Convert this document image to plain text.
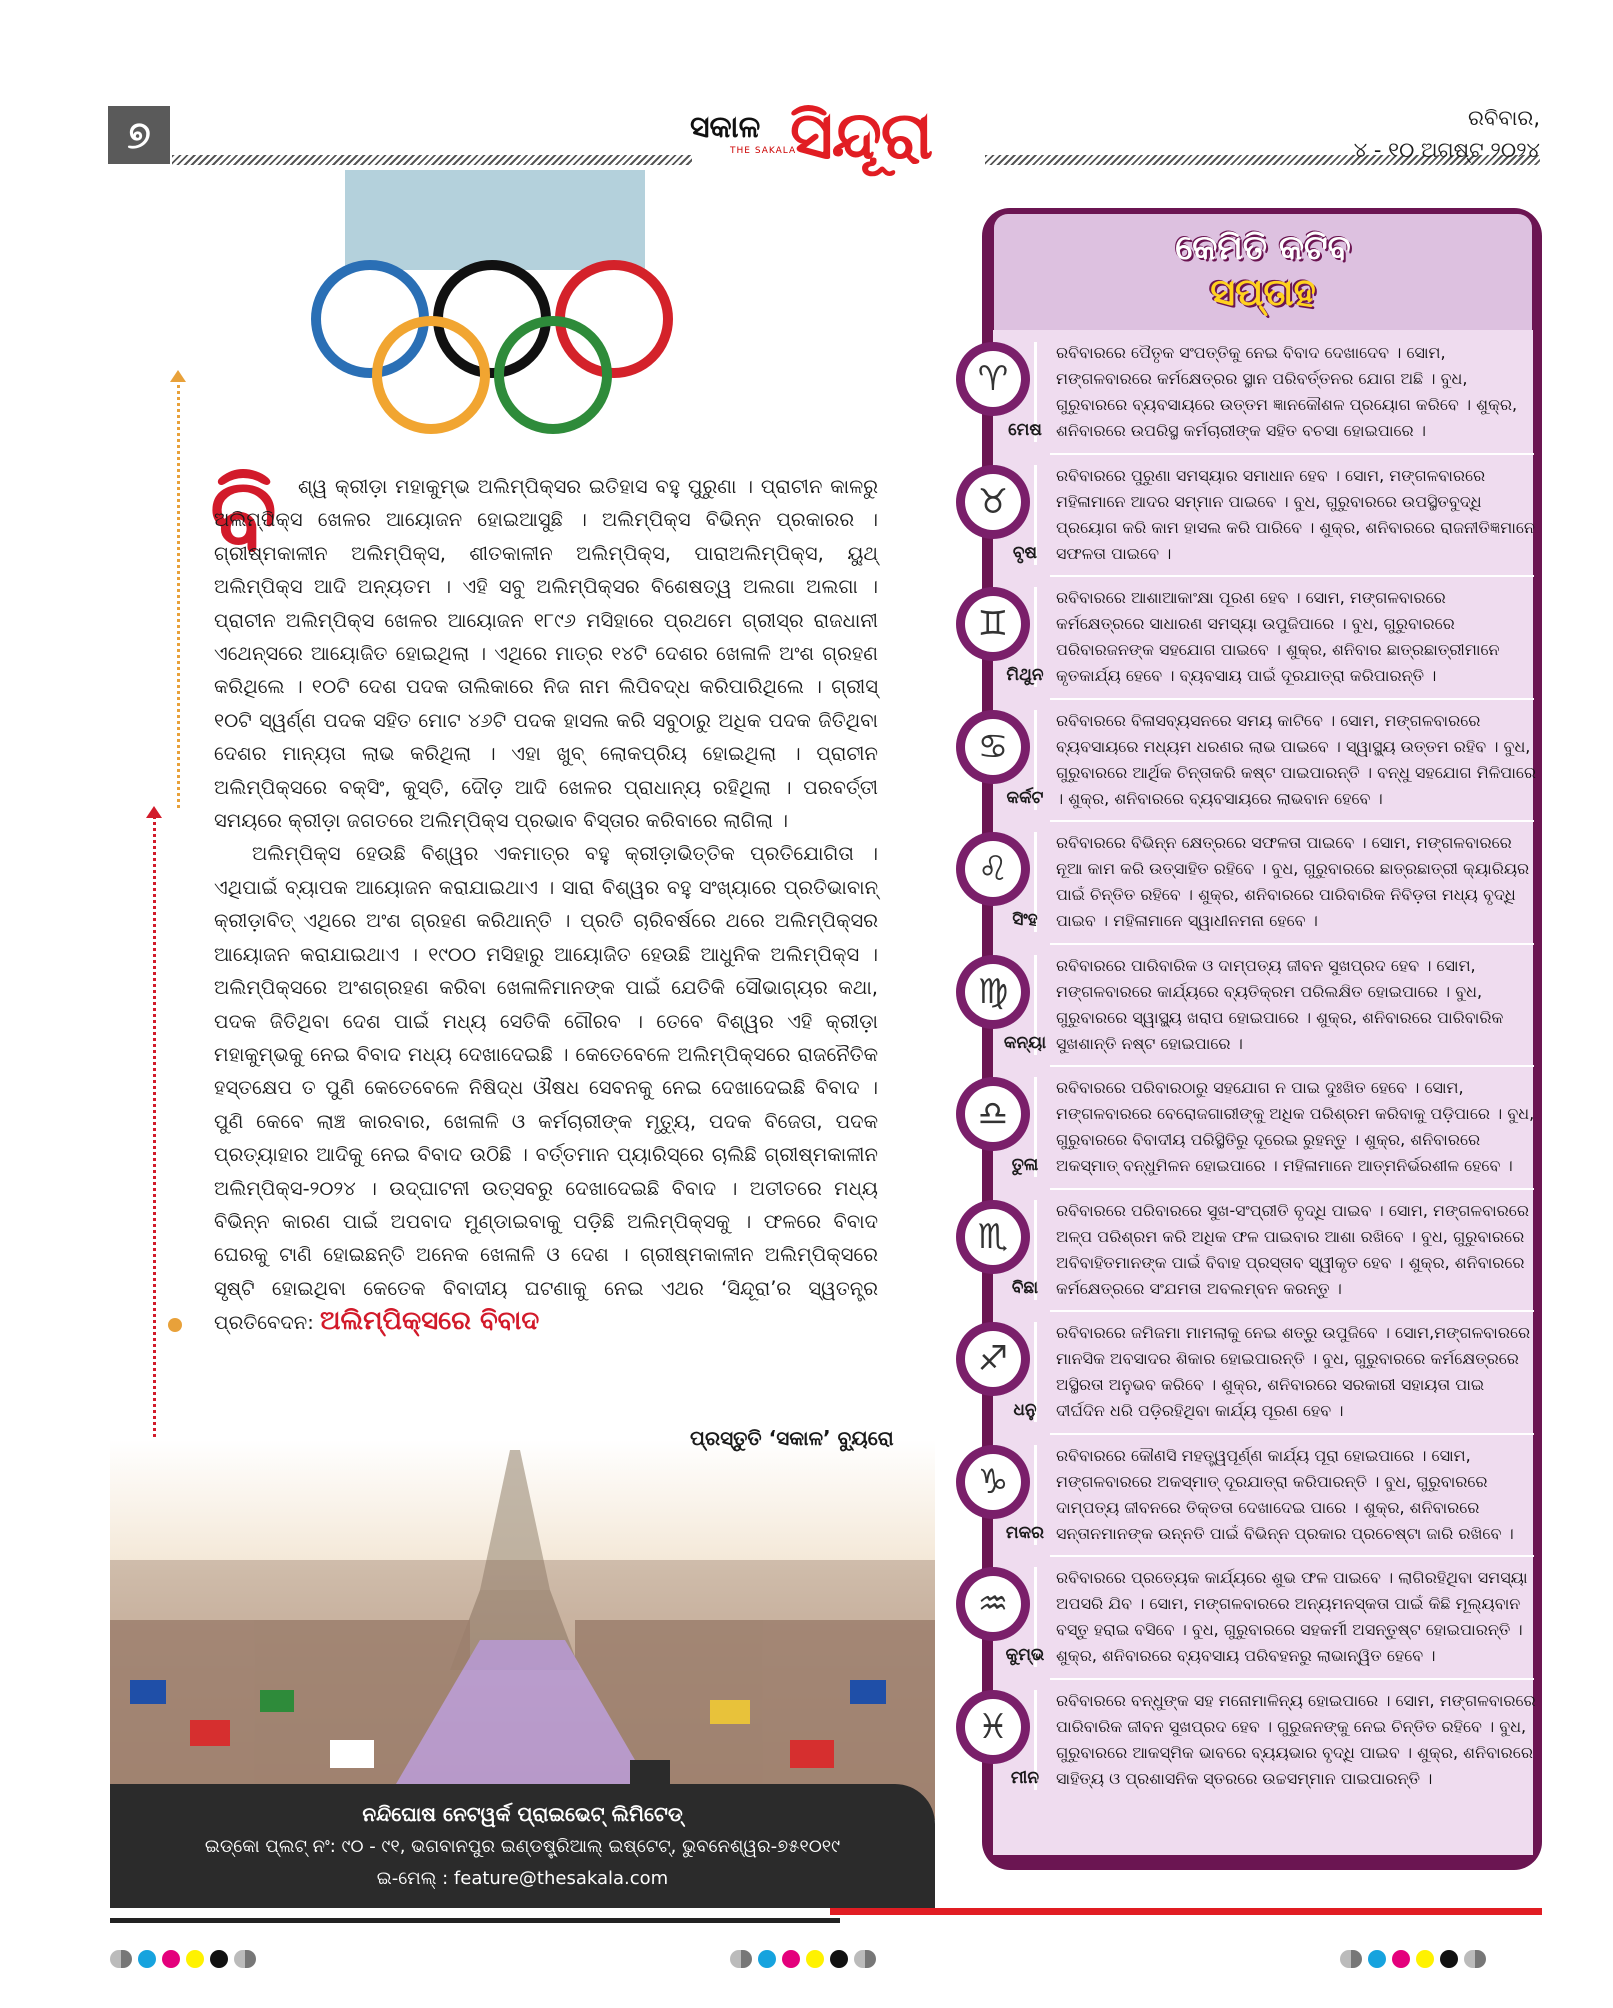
୭	ସକାଳ
THE SAKALA
ସିନ୍ଦୂରା	ରବିବାର,
୪ - ୧୦ ଅଗଷ୍ଟ ୨୦୨୪
ବି	ଶ୍ୱ କ୍ରୀଡ଼ା ମହାକୁମ୍ଭ ଅଲିମ୍ପିକ୍ସର ଇତିହାସ ବହୁ ପୁରୁଣା । ପ୍ରାଚୀନ କାଳରୁ ଅଲିମ୍ପିକ୍ସ ଖେଳର ଆୟୋଜନ ହୋଇଆସୁଛି । ଅଲିମ୍ପିକ୍ସ ବିଭିନ୍ନ ପ୍ରକାରର । ଗ୍ରୀଷ୍ମକାଳୀନ ଅଲିମ୍ପିକ୍ସ, ଶୀତକାଳୀନ ଅଲିମ୍ପିକ୍ସ, ପାରାଅଲିମ୍ପିକ୍ସ, ୟୁଥ୍ ଅଲିମ୍ପିକ୍ସ ଆଦି ଅନ୍ୟତମ । ଏହି ସବୁ ଅଲିମ୍ପିକ୍ସର ବିଶେଷତ୍ୱ ଅଲଗା ଅଲଗା । ପ୍ରାଚୀନ ଅଲିମ୍ପିକ୍ସ ଖେଳର ଆୟୋଜନ ୧୮୯୬ ମସିହାରେ ପ୍ରଥମେ ଗ୍ରୀସ୍‌ର ରାଜଧାନୀ ଏଥେନ୍ସରେ ଆୟୋଜିତ ହୋଇଥିଲା । ଏଥିରେ ମାତ୍ର ୧୪ଟି ଦେଶର ଖେଳାଳି ଅଂଶ ଗ୍ରହଣ କରିଥିଲେ । ୧୦ଟି ଦେଶ ପଦକ ତାଲିକାରେ ନିଜ ନାମ ଲିପିବଦ୍ଧ କରିପାରିଥିଲେ । ଗ୍ରୀସ୍ ୧୦ଟି ସ୍ୱର୍ଣ୍ଣ ପଦକ ସହିତ ମୋଟ ୪୬ଟି ପଦକ ହାସଲ କରି ସବୁଠାରୁ ଅଧିକ ପଦକ ଜିତିଥିବା ଦେଶର ମାନ୍ୟତା ଲାଭ କରିଥିଲା । ଏହା ଖୁବ୍ ଲୋକପ୍ରିୟ ହୋଇଥିଲା । ପ୍ରାଚୀନ ଅଲିମ୍ପିକ୍ସରେ ବକ୍ସିଂ, କୁସ୍ତି, ଦୌଡ଼ ଆଦି ଖେଳର ପ୍ରାଧାନ୍ୟ ରହିଥିଲା । ପରବର୍ତ୍ତୀ ସମୟରେ କ୍ରୀଡ଼ା ଜଗତରେ ଅଲିମ୍ପିକ୍ସ ପ୍ରଭାବ ବିସ୍ତାର କରିବାରେ ଲାଗିଲା ।

ଅଲିମ୍ପିକ୍ସ ହେଉଛି ବିଶ୍ୱର ଏକମାତ୍ର ବହୁ କ୍ରୀଡ଼ାଭିତ୍ତିକ ପ୍ରତିଯୋଗିତା । ଏଥିପାଇଁ ବ୍ୟାପକ ଆୟୋଜନ କରାଯାଇଥାଏ । ସାରା ବିଶ୍ୱର ବହୁ ସଂଖ୍ୟାରେ ପ୍ରତିଭାବାନ୍ କ୍ରୀଡ଼ାବିତ୍ ଏଥିରେ ଅଂଶ ଗ୍ରହଣ କରିଥାନ୍ତି । ପ୍ରତି ଚାରିବର୍ଷରେ ଥରେ ଅଲିମ୍ପିକ୍ସର ଆୟୋଜନ କରାଯାଇଥାଏ । ୧୯୦୦ ମସିହାରୁ ଆୟୋଜିତ ହେଉଛି ଆଧୁନିକ ଅଲିମ୍ପିକ୍ସ । ଅଲିମ୍ପିକ୍ସରେ ଅଂଶଗ୍ରହଣ କରିବା ଖେଳାଳିମାନଙ୍କ ପାଇଁ ଯେତିକି ସୌଭାଗ୍ୟର କଥା, ପଦକ ଜିତିଥିବା ଦେଶ ପାଇଁ ମଧ୍ୟ ସେତିକି ଗୌରବ । ତେବେ ବିଶ୍ୱର ଏହି କ୍ରୀଡ଼ା ମହାକୁମ୍ଭକୁ ନେଇ ବିବାଦ ମଧ୍ୟ ଦେଖାଦେଇଛି । କେତେବେଳେ ଅଲିମ୍ପିକ୍ସରେ ରାଜନୈତିକ ହସ୍ତକ୍ଷେପ ତ ପୁଣି କେତେବେଳେ ନିଷିଦ୍ଧ ଔଷଧ ସେବନକୁ ନେଇ ଦେଖାଦେଇଛି ବିବାଦ । ପୁଣି କେବେ ଲାଞ୍ଚ କାରବାର, ଖେଳାଳି ଓ କର୍ମଚାରୀଙ୍କ ମୃତ୍ୟୁ, ପଦକ ବିଜେତା, ପଦକ ପ୍ରତ୍ୟାହାର ଆଦିକୁ ନେଇ ବିବାଦ ଉଠିଛି । ବର୍ତ୍ତମାନ ପ୍ୟାରିସ୍‌ରେ ଚାଲିଛି ଗ୍ରୀଷ୍ମକାଳୀନ ଅଲିମ୍ପିକ୍ସ-୨୦୨୪ । ଉଦ୍‌ଘାଟନୀ ଉତ୍ସବରୁ ଦେଖାଦେଇଛି ବିବାଦ । ଅତୀତରେ ମଧ୍ୟ ବିଭିନ୍ନ କାରଣ ପାଇଁ ଅପବାଦ ମୁଣ୍ଡାଇବାକୁ ପଡ଼ିଛି ଅଲିମ୍ପିକ୍ସକୁ । ଫଳରେ ବିବାଦ ଘେରକୁ ଟାଣି ହୋଇଛନ୍ତି ଅନେକ ଖେଳାଳି ଓ ଦେଶ । ଗ୍ରୀଷ୍ମକାଳୀନ ଅଲିମ୍ପିକ୍ସରେ ସୃଷ୍ଟି ହୋଇଥିବା କେତେକ ବିବାଦୀୟ ଘଟଣାକୁ ନେଇ ଏଥର ‘ସିନ୍ଦୂରା’ର ସ୍ୱତନ୍ତ୍ର ପ୍ରତିବେଦନ: ଅଲିମ୍ପିକ୍ସରେ ବିବାଦ

ପ୍ରସ୍ତୁତି ‘ସକାଳ’ ବ୍ୟୁରୋ
ନନ୍ଦିଘୋଷ ନେଟୱର୍କ ପ୍ରାଇଭେଟ୍ ଲିମିଟେଡ୍
ଇଡ୍‌କୋ ପ୍ଲଟ୍ ନଂ: ୯୦ - ୯୧, ଭଗବାନପୁର ଇଣ୍ଡଷ୍ଟ୍ରିଆଲ୍ ଇଷ୍ଟେଟ୍, ଭୁବନେଶ୍ୱର-୭୫୧୦୧୯
ଇ-ମେଲ୍ : feature@thesakala.com
କେମିତି କଟିବ
ସପ୍ତାହ
♈
ମେଷ
ରବିବାରରେ ପୈତୃକ ସଂପତ୍ତିକୁ ନେଇ ବିବାଦ ଦେଖାଦେବ । ସୋମ, ମଙ୍ଗଳବାରରେ କର୍ମକ୍ଷେତ୍ରର ସ୍ଥାନ ପରିବର୍ତ୍ତନର ଯୋଗ ଅଛି । ବୁଧ, ଗୁରୁବାରରେ ବ୍ୟବସାୟରେ ଉତ୍ତମ ଜ୍ଞାନକୌଶଳ ପ୍ରୟୋଗ କରିବେ । ଶୁକ୍ର, ଶନିବାରରେ ଉପରିସ୍ଥ କର୍ମଚାରୀଙ୍କ ସହିତ ବଚସା ହୋଇପାରେ ।
♉
ବୃଷ
ରବିବାରରେ ପୁରୁଣା ସମସ୍ୟାର ସମାଧାନ ହେବ । ସୋମ, ମଙ୍ଗଳବାରରେ ମହିଳାମାନେ ଆଦର ସମ୍ମାନ ପାଇବେ । ବୁଧ, ଗୁରୁବାରରେ ଉପସ୍ଥିତବୁଦ୍ଧି ପ୍ରୟୋଗ କରି କାମ ହାସଲ କରି ପାରିବେ । ଶୁକ୍ର, ଶନିବାରରେ ରାଜନୀତିଜ୍ଞମାନେ ସଫଳତା ପାଇବେ ।
♊
ମିଥୁନ
ରବିବାରରେ ଆଶାଆକାଂକ୍ଷା ପୂରଣ ହେବ । ସୋମ, ମଙ୍ଗଳବାରରେ କର୍ମକ୍ଷେତ୍ରରେ ସାଧାରଣ ସମସ୍ୟା ଉପୁଜିପାରେ । ବୁଧ, ଗୁରୁବାରରେ ପରିବାରଜନଙ୍କ ସହଯୋଗ ପାଇବେ । ଶୁକ୍ର, ଶନିବାର ଛାତ୍ରଛାତ୍ରୀମାନେ କୃତକାର୍ଯ୍ୟ ହେବେ । ବ୍ୟବସାୟ ପାଇଁ ଦୂରଯାତ୍ରା କରିପାରନ୍ତି ।
♋
କର୍କଟ
ରବିବାରରେ ବିଳାସବ୍ୟସନରେ ସମୟ କାଟିବେ । ସୋମ, ମଙ୍ଗଳବାରରେ ବ୍ୟବସାୟରେ ମଧ୍ୟମ ଧରଣର ଲାଭ ପାଇବେ । ସ୍ୱାସ୍ଥ୍ୟ ଉତ୍ତମ ରହିବ । ବୁଧ, ଗୁରୁବାରରେ ଆର୍ଥିକ ଚିନ୍ତାକରି କଷ୍ଟ ପାଇପାରନ୍ତି । ବନ୍ଧୁ ସହଯୋଗ ମିଳିପାରେ । ଶୁକ୍ର, ଶନିବାରରେ ବ୍ୟବସାୟରେ ଲାଭବାନ ହେବେ ।
♌
ସିଂହ
ରବିବାରରେ ବିଭିନ୍ନ କ୍ଷେତ୍ରରେ ସଫଳତା ପାଇବେ । ସୋମ, ମଙ୍ଗଳବାରରେ ନୂଆ କାମ କରି ଉତ୍ସାହିତ ରହିବେ । ବୁଧ, ଗୁରୁବାରରେ ଛାତ୍ରଛାତ୍ରୀ କ୍ୟାରିୟର ପାଇଁ ଚିନ୍ତିତ ରହିବେ । ଶୁକ୍ର, ଶନିବାରରେ ପାରିବାରିକ ନିବିଡ଼ତା ମଧ୍ୟ ବୃଦ୍ଧି ପାଇବ । ମହିଳାମାନେ ସ୍ୱାଧୀନମନା ହେବେ ।
♍
କନ୍ୟା
ରବିବାରରେ ପାରିବାରିକ ଓ ଦାମ୍ପତ୍ୟ ଜୀବନ ସୁଖପ୍ରଦ ହେବ । ସୋମ, ମଙ୍ଗଳବାରରେ କାର୍ଯ୍ୟରେ ବ୍ୟତିକ୍ରମ ପରିଲକ୍ଷିତ ହୋଇପାରେ । ବୁଧ, ଗୁରୁବାରରେ ସ୍ୱାସ୍ଥ୍ୟ ଖରାପ ହୋଇପାରେ । ଶୁକ୍ର, ଶନିବାରରେ ପାରିବାରିକ ସୁଖଶାନ୍ତି ନଷ୍ଟ ହୋଇପାରେ ।
♎
ତୁଳା
ରବିବାରରେ ପରିବାରଠାରୁ ସହଯୋଗ ନ ପାଇ ଦୁଃଖିତ ହେବେ । ସୋମ, ମଙ୍ଗଳବାରରେ ବେରୋଜଗାରୀଙ୍କୁ ଅଧିକ ପରିଶ୍ରମ କରିବାକୁ ପଡ଼ିପାରେ । ବୁଧ, ଗୁରୁବାରରେ ବିବାଦୀୟ ପରିସ୍ଥିତିରୁ ଦୂରେଇ ରୁହନ୍ତୁ । ଶୁକ୍ର, ଶନିବାରରେ ଅକସ୍ମାତ୍ ବନ୍ଧୁମିଳନ ହୋଇପାରେ । ମହିଳାମାନେ ଆତ୍ମନିର୍ଭରଶୀଳ ହେବେ ।
♏
ବିଛା
ରବିବାରରେ ପରିବାରରେ ସୁଖ-ସଂପ୍ରୀତି ବୃଦ୍ଧି ପାଇବ । ସୋମ, ମଙ୍ଗଳବାରରେ ଅଳ୍ପ ପରିଶ୍ରମ କରି ଅଧିକ ଫଳ ପାଇବାର ଆଶା ରଖିବେ । ବୁଧ, ଗୁରୁବାରରେ ଅବିବାହିତମାନଙ୍କ ପାଇଁ ବିବାହ ପ୍ରସ୍ତାବ ସ୍ୱୀକୃତ ହେବ । ଶୁକ୍ର, ଶନିବାରରେ କର୍ମକ୍ଷେତ୍ରରେ ସଂଯମତା ଅବଲମ୍ବନ କରନ୍ତୁ ।
♐
ଧନୁ
ରବିବାରରେ ଜମିଜମା ମାମଲାକୁ ନେଇ ଶତ୍ରୁ ଉପୁଜିବେ । ସୋମ,ମଙ୍ଗଳବାରରେ ମାନସିକ ଅବସାଦର ଶିକାର ହୋଇପାରନ୍ତି । ବୁଧ, ଗୁରୁବାରରେ କର୍ମକ୍ଷେତ୍ରରେ ଅସ୍ଥିରତା ଅନୁଭବ କରିବେ । ଶୁକ୍ର, ଶନିବାରରେ ସରକାରୀ ସହାୟତା ପାଇ ଦୀର୍ଘଦିନ ଧରି ପଡ଼ିରହିଥିବା କାର୍ଯ୍ୟ ପୂରଣ ହେବ ।
♑
ମକର
ରବିବାରରେ କୌଣସି ମହତ୍ତ୍ୱପୂର୍ଣ୍ଣ କାର୍ଯ୍ୟ ପୂରା ହୋଇପାରେ । ସୋମ, ମଙ୍ଗଳବାରରେ ଅକସ୍ମାତ୍ ଦୂରଯାତ୍ରା କରିପାରନ୍ତି । ବୁଧ, ଗୁରୁବାରରେ ଦାମ୍ପତ୍ୟ ଜୀବନରେ ତିକ୍ତତା ଦେଖାଦେଇ ପାରେ । ଶୁକ୍ର, ଶନିବାରରେ ସନ୍ତାନମାନଙ୍କ ଉନ୍ନତି ପାଇଁ ବିଭିନ୍ନ ପ୍ରକାର ପ୍ରଚେଷ୍ଟା ଜାରି ରଖିବେ ।
♒
କୁମ୍ଭ
ରବିବାରରେ ପ୍ରତ୍ୟେକ କାର୍ଯ୍ୟରେ ଶୁଭ ଫଳ ପାଇବେ । ଲାଗିରହିଥିବା ସମସ୍ୟା ଅପସରି ଯିବ । ସୋମ, ମଙ୍ଗଳବାରରେ ଅନ୍ୟମନସ୍କତା ପାଇଁ କିଛି ମୂଲ୍ୟବାନ ବସ୍ତୁ ହରାଇ ବସିବେ । ବୁଧ, ଗୁରୁବାରରେ ସହକର୍ମୀ ଅସନ୍ତୁଷ୍ଟ ହୋଇପାରନ୍ତି । ଶୁକ୍ର, ଶନିବାରରେ ବ୍ୟବସାୟ ପରିବହନରୁ ଲାଭାନ୍ୱିତ ହେବେ ।
♓
ମୀନ
ରବିବାରରେ ବନ୍ଧୁଙ୍କ ସହ ମନୋମାଳିନ୍ୟ ହୋଇପାରେ । ସୋମ, ମଙ୍ଗଳବାରରେ ପାରିବାରିକ ଜୀବନ ସୁଖପ୍ରଦ ହେବ । ଗୁରୁଜନଙ୍କୁ ନେଇ ଚିନ୍ତିତ ରହିବେ । ବୁଧ, ଗୁରୁବାରରେ ଆକସ୍ମିକ ଭାବରେ ବ୍ୟୟଭାର ବୃଦ୍ଧି ପାଇବ । ଶୁକ୍ର, ଶନିବାରରେ ସାହିତ୍ୟ ଓ ପ୍ରଶାସନିକ ସ୍ତରରେ ଉଚ୍ଚସମ୍ମାନ ପାଇପାରନ୍ତି ।
